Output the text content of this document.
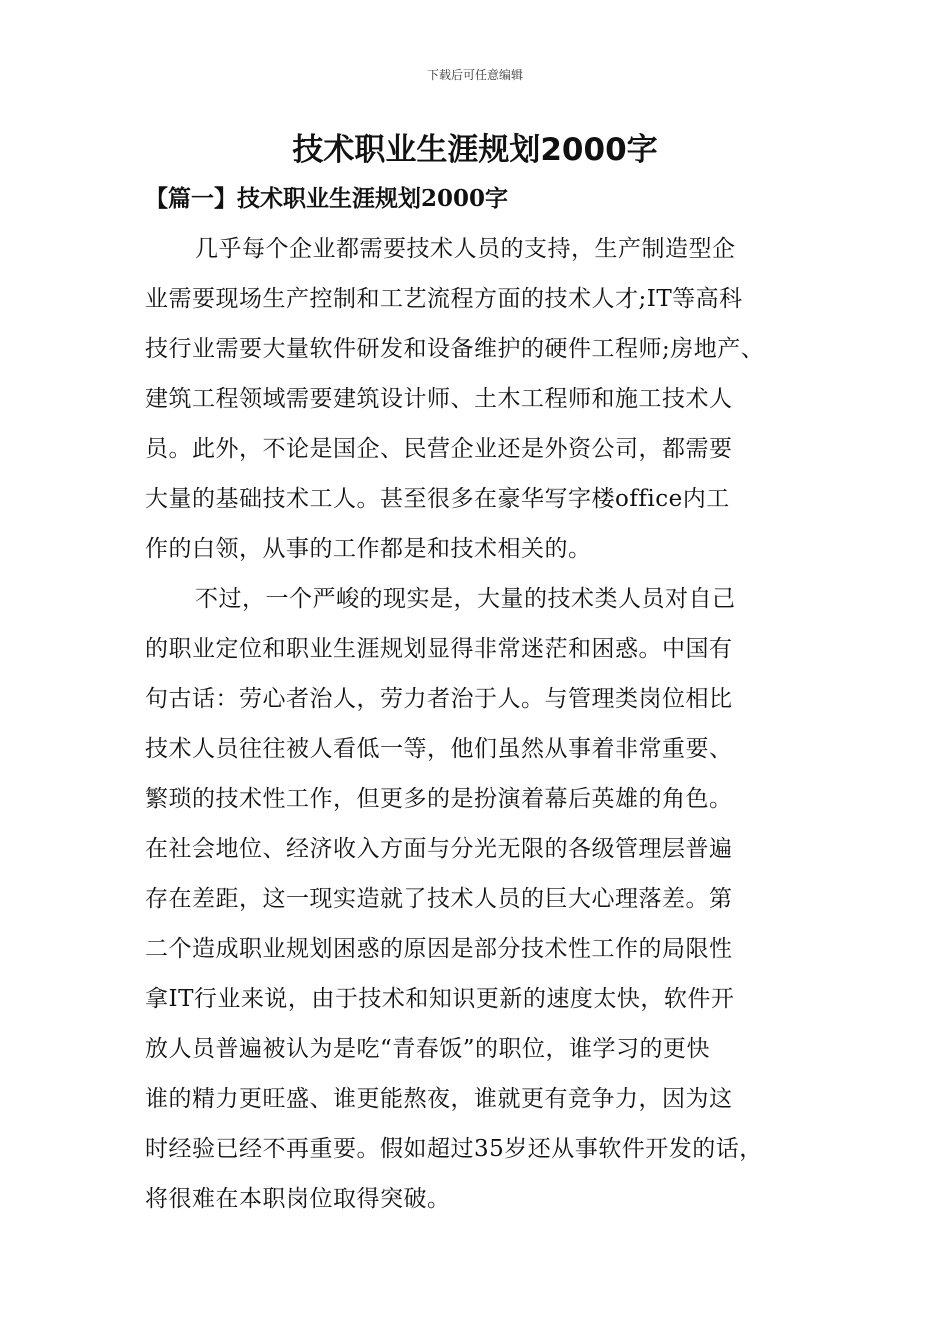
下载后可任意编辑
技术职业生涯规划2000字
【篇一】技术职业生涯规划2000字
几乎每个企业都需要技术人员的支持，生产制造型企
业需要现场生产控制和工艺流程方面的技术人才;IT等高科
技行业需要大量软件研发和设备维护的硬件工程师;房地产、
建筑工程领域需要建筑设计师、土木工程师和施工技术人
员。此外，不论是国企、民营企业还是外资公司，都需要
大量的基础技术工人。甚至很多在豪华写字楼office内工
作的白领，从事的工作都是和技术相关的。
不过，一个严峻的现实是，大量的技术类人员对自己
的职业定位和职业生涯规划显得非常迷茫和困惑。中国有
句古话：劳心者治人，劳力者治于人。与管理类岗位相比
技术人员往往被人看低一等，他们虽然从事着非常重要、
繁琐的技术性工作，但更多的是扮演着幕后英雄的角色。
在社会地位、经济收入方面与分光无限的各级管理层普遍
存在差距，这一现实造就了技术人员的巨大心理落差。第
二个造成职业规划困惑的原因是部分技术性工作的局限性
拿IT行业来说，由于技术和知识更新的速度太快，软件开
放人员普遍被认为是吃“青春饭”的职位，谁学习的更快
谁的精力更旺盛、谁更能熬夜，谁就更有竞争力，因为这
时经验已经不再重要。假如超过35岁还从事软件开发的话，
将很难在本职岗位取得突破。
